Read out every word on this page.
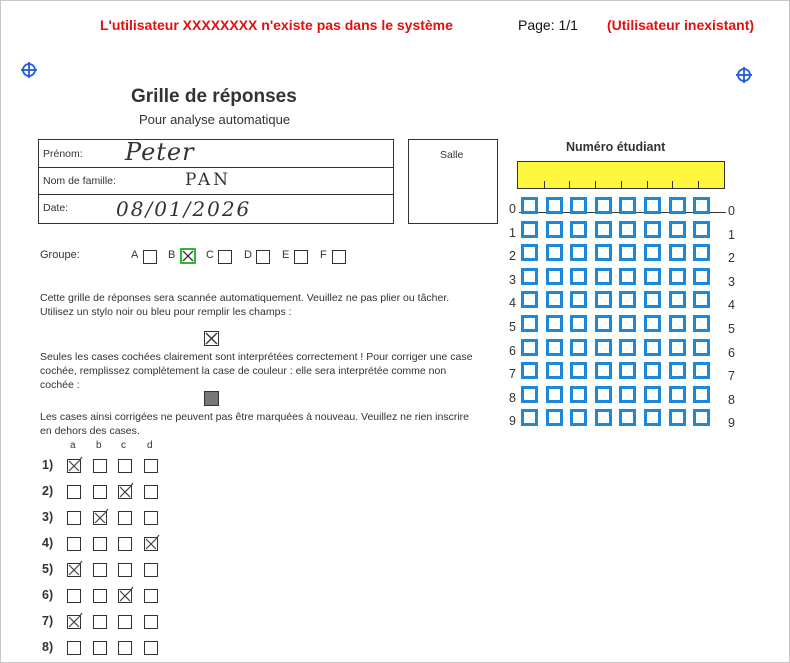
L'utilisateur XXXXXXXX n'existe pas dans le système	Page: 1/1 (Utilisateur inexistant)
Grille de réponses
Pour analyse automatique
Prénom:	Peter
Nom de famille:	PAN
Date:	08/01/2026
Salle
Groupe:	A	B	C	D	E	F
Cette grille de réponses sera scannée automatiquement. Veuillez ne pas plier ou tâcher.
Utilisez un stylo noir ou bleu pour remplir les champs :
Seules les cases cochées clairement sont interprétées correctement ! Pour corriger une case
cochée, remplissez complètement la case de couleur : elle sera interprétée comme non
cochée :
Les cases ainsi corrigées ne peuvent pas être marquées à nouveau. Veuillez ne rien inscrire
en dehors des cases.
a b c d
1)
2)
3)
4)
5)
6)
7)
8)
Numéro étudiant
0	0
1	1
2	2
3	3
4	4
5	5
6	6
7	7
8	8
9	9
